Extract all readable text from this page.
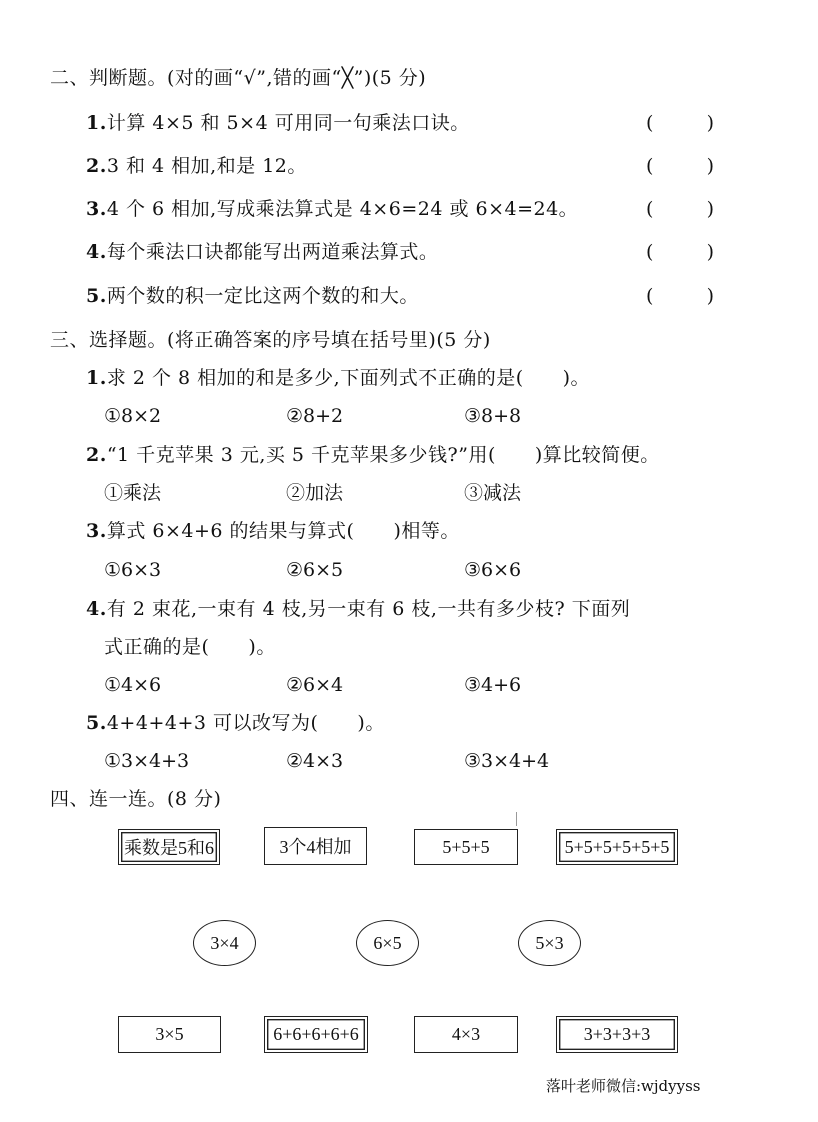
二、判断题。(对的画“√”,错的画“╳”)(5 分)
1.计算 4×5 和 5×4 可用同一句乘法口诀。	(	)
2.3 和 4 相加,和是 12。	(	)
3.4 个 6 相加,写成乘法算式是 4×6=24 或 6×4=24。	(	)
4.每个乘法口诀都能写出两道乘法算式。	(	)
5.两个数的积一定比这两个数的和大。	(	)
三、选择题。(将正确答案的序号填在括号里)(5 分)
1.求 2 个 8 相加的和是多少,下面列式不正确的是(　　)。
①8×2	②8+2	③8+8
2.“1 千克苹果 3 元,买 5 千克苹果多少钱?”用(　　)算比较简便。
①乘法	②加法	③减法
3.算式 6×4+6 的结果与算式(　　)相等。
①6×3	②6×5	③6×6
4.有 2 束花,一束有 4 枝,另一束有 6 枝,一共有多少枝? 下面列
式正确的是(　　)。
①4×6	②6×4	③4+6
5.4+4+4+3 可以改写为(　　)。
①3×4+3	②4×3	③3×4+4
四、连一连。(8 分)
乘数是5和6	3个4相加	5+5+5	5+5+5+5+5+5
3×4	6×5	5×3
3×5	6+6+6+6+6	4×3	3+3+3+3
落叶老师微信:wjdyyss
